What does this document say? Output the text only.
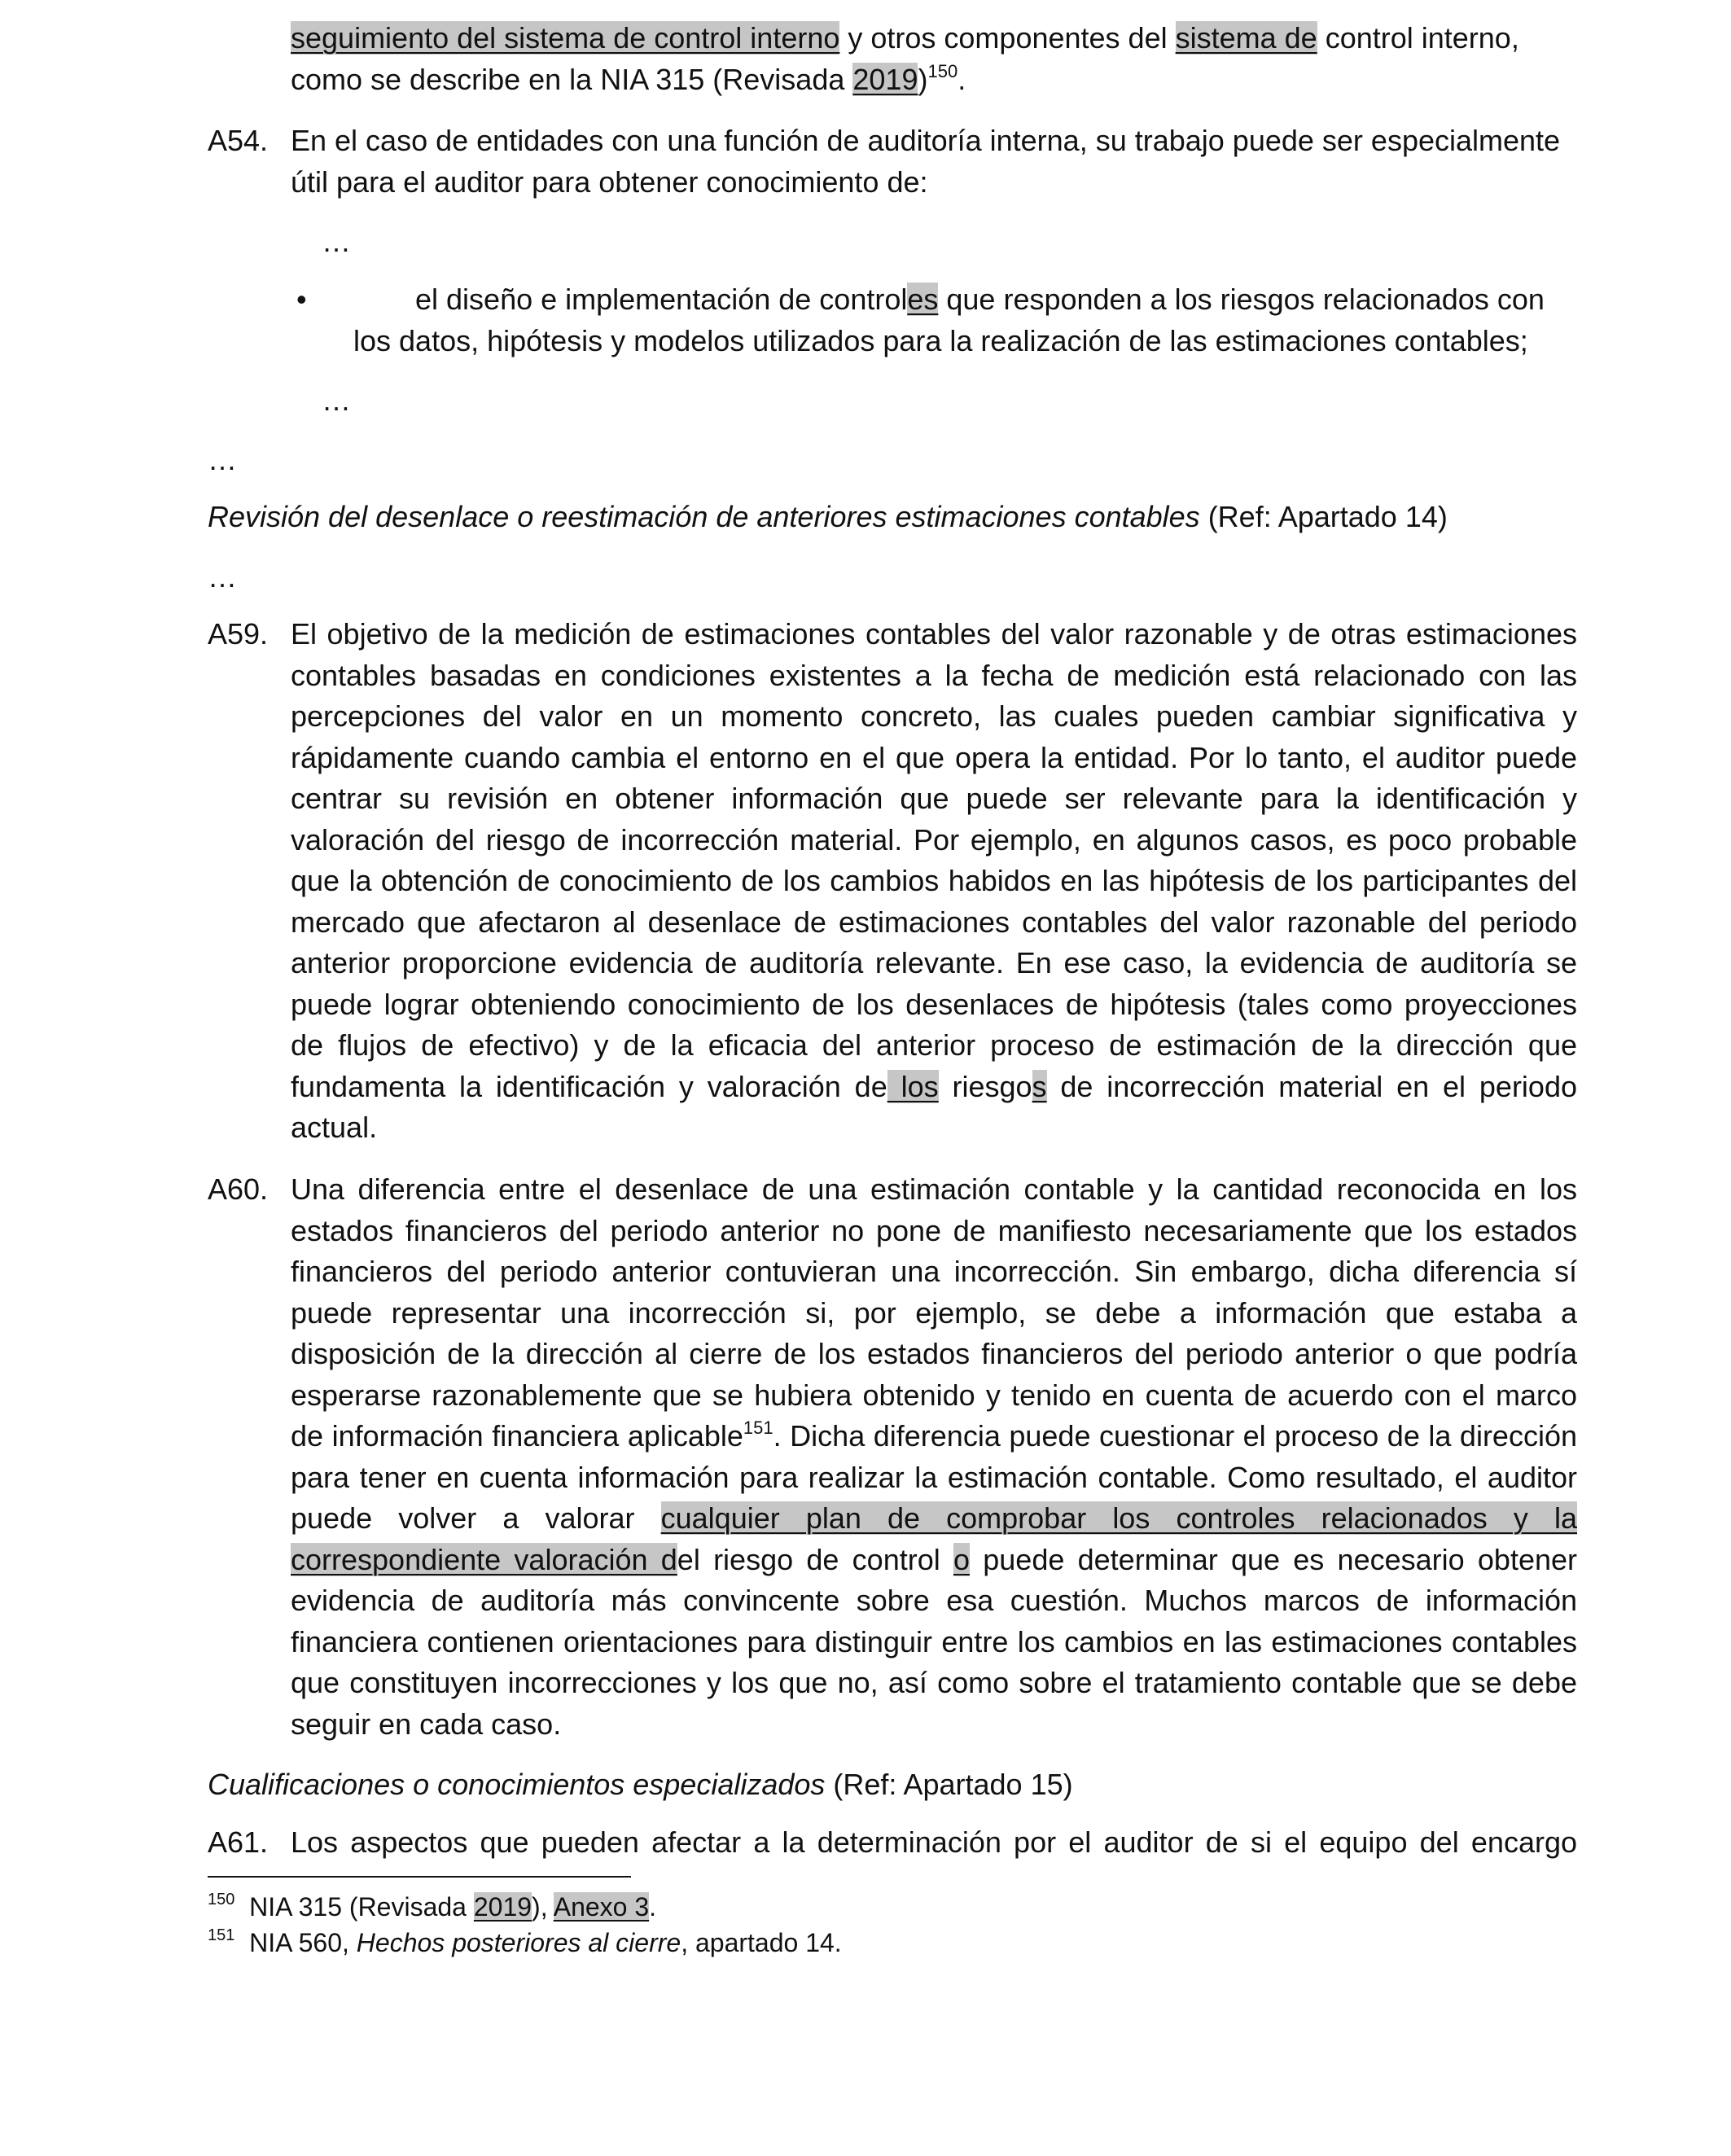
seguimiento del sistema de control interno y otros componentes del sistema de control interno, como se describe en la NIA 315 (Revisada 2019)$^{150}$.
A54. En el caso de entidades con una función de auditoría interna, su trabajo puede ser especialmente útil para el auditor para obtener conocimiento de:
…
•	el diseño e implementación de controles que responden a los riesgos relacionados con los datos, hipótesis y modelos utilizados para la realización de las estimaciones contables;
…
…
Revisión del desenlace o reestimación de anteriores estimaciones contables (Ref: Apartado 14)
…
A59. El objetivo de la medición de estimaciones contables del valor razonable y de otras estimaciones contables basadas en condiciones existentes a la fecha de medición está relacionado con las percepciones del valor en un momento concreto, las cuales pueden cambiar significativa y rápidamente cuando cambia el entorno en el que opera la entidad. Por lo tanto, el auditor puede centrar su revisión en obtener información que puede ser relevante para la identificación y valoración del riesgo de incorrección material. Por ejemplo, en algunos casos, es poco probable que la obtención de conocimiento de los cambios habidos en las hipótesis de los participantes del mercado que afectaron al desenlace de estimaciones contables del valor razonable del periodo anterior proporcione evidencia de auditoría relevante. En ese caso, la evidencia de auditoría se puede lograr obteniendo conocimiento de los desenlaces de hipótesis (tales como proyecciones de flujos de efectivo) y de la eficacia del anterior proceso de estimación de la dirección que fundamenta la identificación y valoración de los riesgos de incorrección material en el periodo actual.
A60. Una diferencia entre el desenlace de una estimación contable y la cantidad reconocida en los estados financieros del periodo anterior no pone de manifiesto necesariamente que los estados financieros del periodo anterior contuvieran una incorrección. Sin embargo, dicha diferencia sí puede representar una incorrección si, por ejemplo, se debe a información que estaba a disposición de la dirección al cierre de los estados financieros del periodo anterior o que podría esperarse razonablemente que se hubiera obtenido y tenido en cuenta de acuerdo con el marco de información financiera aplicable$^{151}$. Dicha diferencia puede cuestionar el proceso de la dirección para tener en cuenta información para realizar la estimación contable. Como resultado, el auditor puede volver a valorar cualquier plan de comprobar los controles relacionados y la correspondiente valoración del riesgo de control o puede determinar que es necesario obtener evidencia de auditoría más convincente sobre esa cuestión. Muchos marcos de información financiera contienen orientaciones para distinguir entre los cambios en las estimaciones contables que constituyen incorrecciones y los que no, así como sobre el tratamiento contable que se debe seguir en cada caso.
Cualificaciones o conocimientos especializados (Ref: Apartado 15)
A61. Los aspectos que pueden afectar a la determinación por el auditor de si el equipo del encargo
$^{150}$ NIA 315 (Revisada 2019), Anexo 3.
$^{151}$ NIA 560, Hechos posteriores al cierre, apartado 14.
